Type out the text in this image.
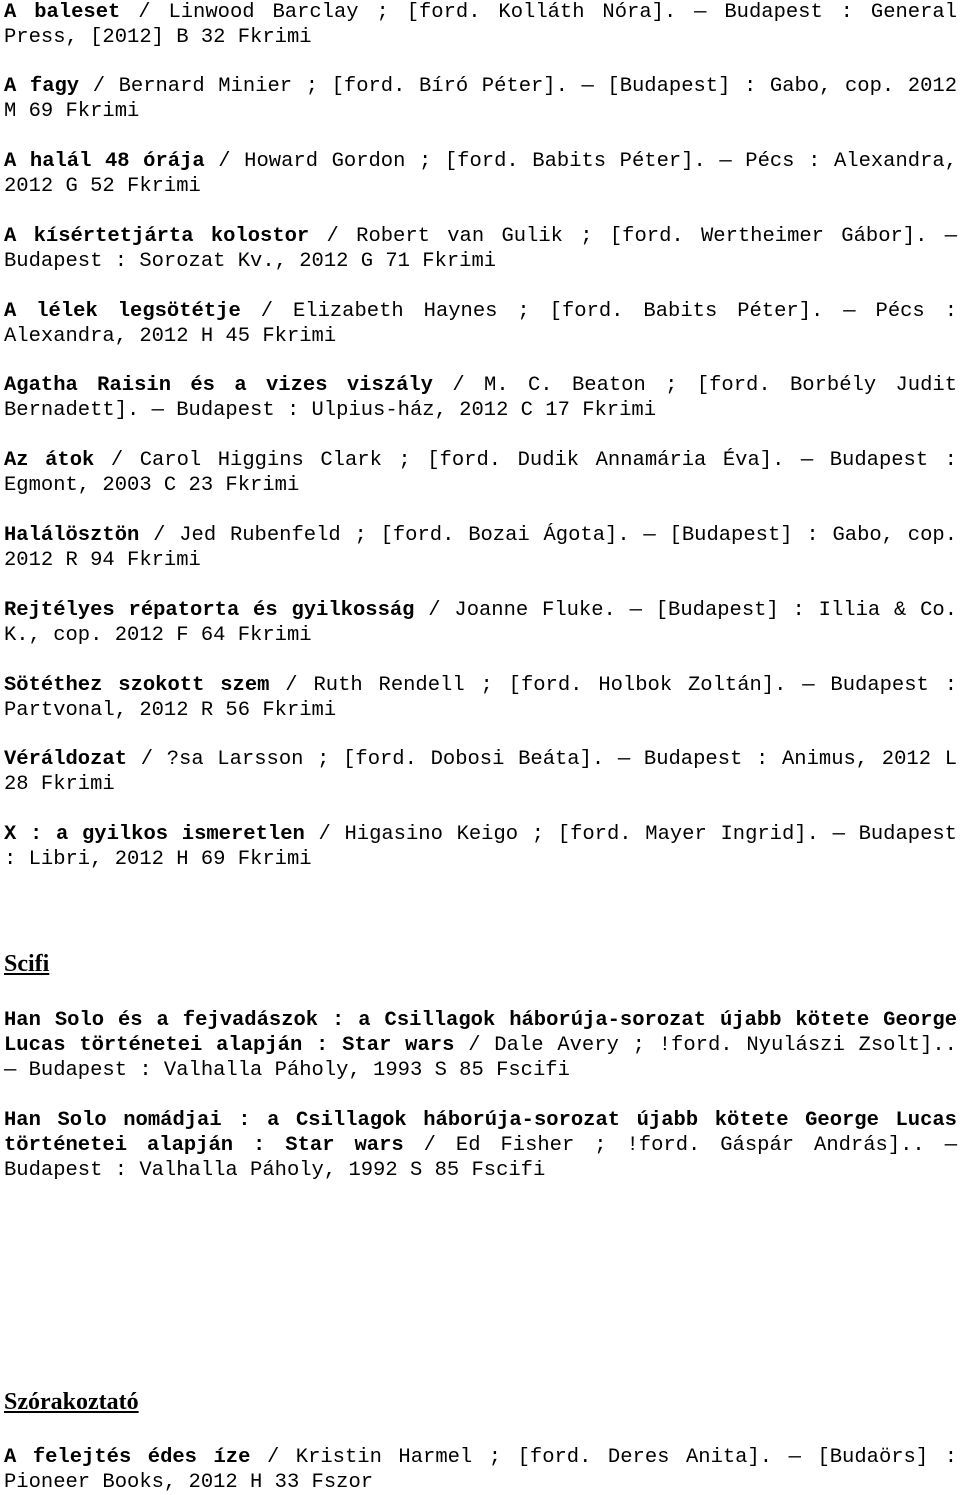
A baleset / Linwood Barclay ; [ford. Kolláth Nóra]. — Budapest : General Press, [2012] B 32 Fkrimi
A fagy / Bernard Minier ; [ford. Bíró Péter]. — [Budapest] : Gabo, cop. 2012 M 69 Fkrimi
A halál 48 órája / Howard Gordon ; [ford. Babits Péter]. — Pécs : Alexandra, 2012 G 52 Fkrimi
A kísértetjárta kolostor / Robert van Gulik ; [ford. Wertheimer Gábor]. — Budapest : Sorozat Kv., 2012 G 71 Fkrimi
A lélek legsötétje / Elizabeth Haynes ; [ford. Babits Péter]. — Pécs : Alexandra, 2012 H 45 Fkrimi
Agatha Raisin és a vizes viszály / M. C. Beaton ; [ford. Borbély Judit Bernadett]. — Budapest : Ulpius-ház, 2012 C 17 Fkrimi
Az átok / Carol Higgins Clark ; [ford. Dudik Annamária Éva]. — Budapest : Egmont, 2003 C 23 Fkrimi
Halálösztön / Jed Rubenfeld ; [ford. Bozai Ágota]. — [Budapest] : Gabo, cop. 2012 R 94 Fkrimi
Rejtélyes répatorta és gyilkosság / Joanne Fluke. — [Budapest] : Illia & Co. K., cop. 2012 F 64 Fkrimi
Sötéthez szokott szem / Ruth Rendell ; [ford. Holbok Zoltán]. — Budapest : Partvonal, 2012 R 56 Fkrimi
Véráldozat / ?sa Larsson ; [ford. Dobosi Beáta]. — Budapest : Animus, 2012 L 28 Fkrimi
X : a gyilkos ismeretlen / Higasino Keigo ; [ford. Mayer Ingrid]. — Budapest : Libri, 2012 H 69 Fkrimi
Scifi
Han Solo és a fejvadászok : a Csillagok háborúja-sorozat újabb kötete George Lucas történetei alapján : Star wars / Dale Avery ; !ford. Nyulászi Zsolt].. — Budapest : Valhalla Páholy, 1993 S 85 Fscifi
Han Solo nomádjai : a Csillagok háborúja-sorozat újabb kötete George Lucas történetei alapján : Star wars / Ed Fisher ; !ford. Gáspár András].. — Budapest : Valhalla Páholy, 1992 S 85 Fscifi
Szórakoztató
A felejtés édes íze / Kristin Harmel ; [ford. Deres Anita]. — [Budaörs] : Pioneer Books, 2012 H 33 Fszor
